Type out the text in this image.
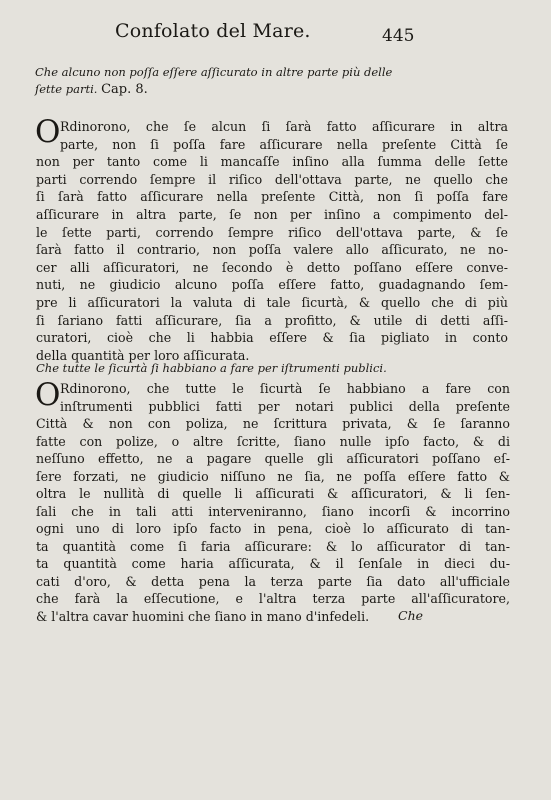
Confolato del Mare.	445
Che alcuno non poſſa eſſere aſſicurato in altre parte più delle
ſette parti. Cap. 8.
O Rdinorono, che ſe alcun ſi ſarà fatto aſſicurare in altra
parte, non ſi poſſa fare aſſicurare nella preſente Città ſe
non per tanto come li mancaſſe inſino alla ſumma delle ſette
parti correndo ſempre il riſico dell'ottava parte, ne quello che
ſi ſarà fatto aſſicurare nella preſente Città, non ſi poſſa fare
aſſicurare in altra parte, ſe non per inſino a compimento del-
le ſette parti, correndo ſempre riſico dell'ottava parte, & ſe
ſarà fatto il contrario, non poſſa valere allo aſſicurato, ne no-
cer alli aſſicuratori, ne ſecondo è detto poſſano eſſere conve-
nuti, ne giudicio alcuno poſſa eſſere fatto, guadagnando ſem-
pre li aſſicuratori la valuta di tale ſicurtà, & quello che di più
ſi ſariano fatti aſſicurare, ſia a profitto, & utile di detti aſſi-
curatori, cioè che li habbia eſſere & ſia pigliato in conto
della quantità per loro aſſicurata.
Che tutte le ſicurtà ſi habbiano a fare per iſtrumenti publici.
O Rdinorono, che tutte le ſicurtà ſe habbiano a fare con
inſtrumenti pubblici fatti per notari publici della preſente
Città & non con poliza, ne ſcrittura privata, & ſe ſaranno
fatte con polize, o altre ſcritte, ſiano nulle ipſo facto, & di
neſſuno effetto, ne a pagare quelle gli aſſicuratori poſſano eſ-
ſere forzati, ne giudicio niſſuno ne ſia, ne poſſa eſſere fatto &
oltra le nullità di quelle li aſſicurati & aſſicuratori, & li ſen-
ſali che in tali atti interveniranno, ſiano incorſi & incorrino
ogni uno di loro ipſo facto in pena, cioè lo aſſicurato di tan-
ta quantità come ſi faria aſſicurare: & lo aſſicurator di tan-
ta quantità come haria aſſicurata, & il ſenſale in dieci du-
cati d'oro, & detta pena la terza parte ſia dato all'ufficiale
che farà la eſſecutione, e l'altra terza parte all'aſſicuratore,
& l'altra cavar huomini che ſiano in mano d'infedeli. Che
